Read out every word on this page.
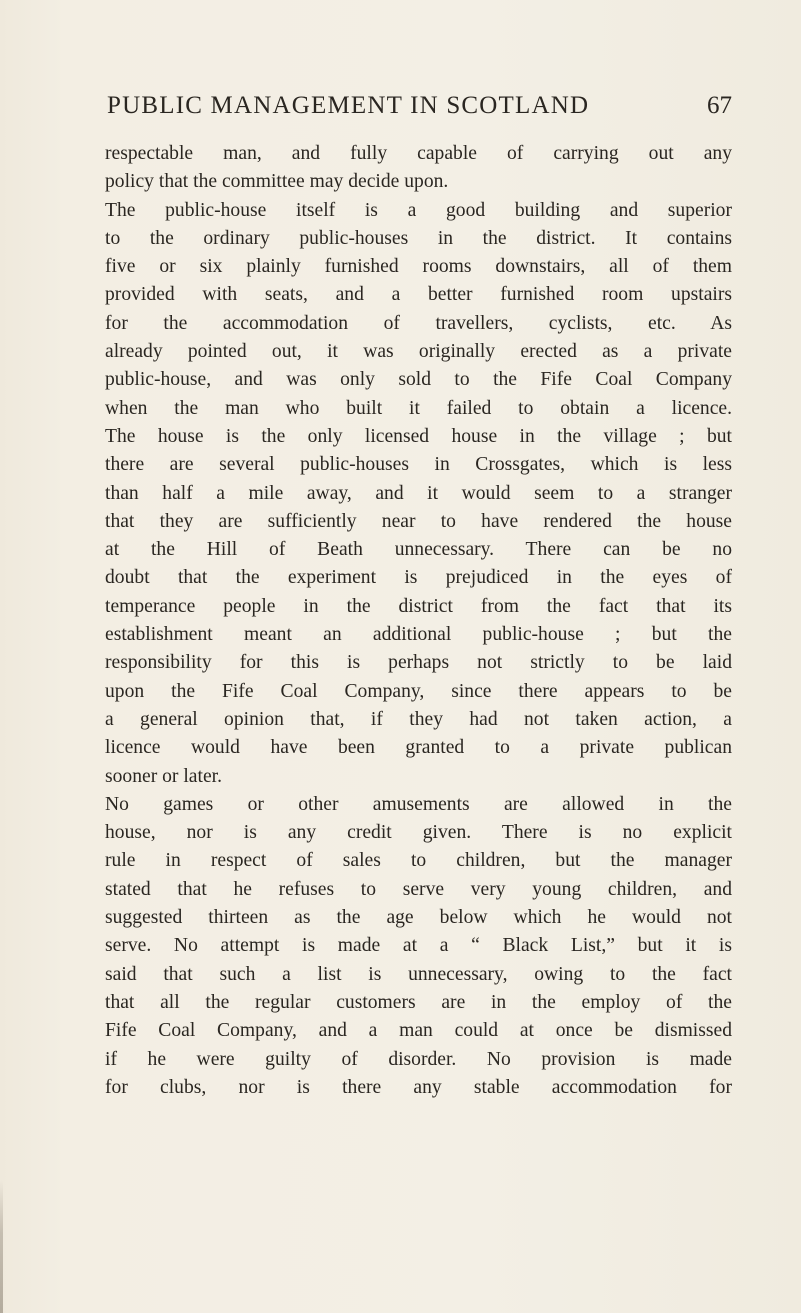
PUBLIC MANAGEMENT IN SCOTLAND	67
respectable man, and fully capable of carrying out any
policy that the committee may decide upon.
The public-house itself is a good building and superior
to the ordinary public-houses in the district. It contains
five or six plainly furnished rooms downstairs, all of them
provided with seats, and a better furnished room upstairs
for the accommodation of travellers, cyclists, etc. As
already pointed out, it was originally erected as a private
public-house, and was only sold to the Fife Coal Company
when the man who built it failed to obtain a licence.
The house is the only licensed house in the village ; but
there are several public-houses in Crossgates, which is less
than half a mile away, and it would seem to a stranger
that they are sufficiently near to have rendered the house
at the Hill of Beath unnecessary. There can be no
doubt that the experiment is prejudiced in the eyes of
temperance people in the district from the fact that its
establishment meant an additional public-house ; but the
responsibility for this is perhaps not strictly to be laid
upon the Fife Coal Company, since there appears to be
a general opinion that, if they had not taken action, a
licence would have been granted to a private publican
sooner or later.
No games or other amusements are allowed in the
house, nor is any credit given. There is no explicit
rule in respect of sales to children, but the manager
stated that he refuses to serve very young children, and
suggested thirteen as the age below which he would not
serve. No attempt is made at a “ Black List,” but it is
said that such a list is unnecessary, owing to the fact
that all the regular customers are in the employ of the
Fife Coal Company, and a man could at once be dismissed
if he were guilty of disorder. No provision is made
for clubs, nor is there any stable accommodation for
